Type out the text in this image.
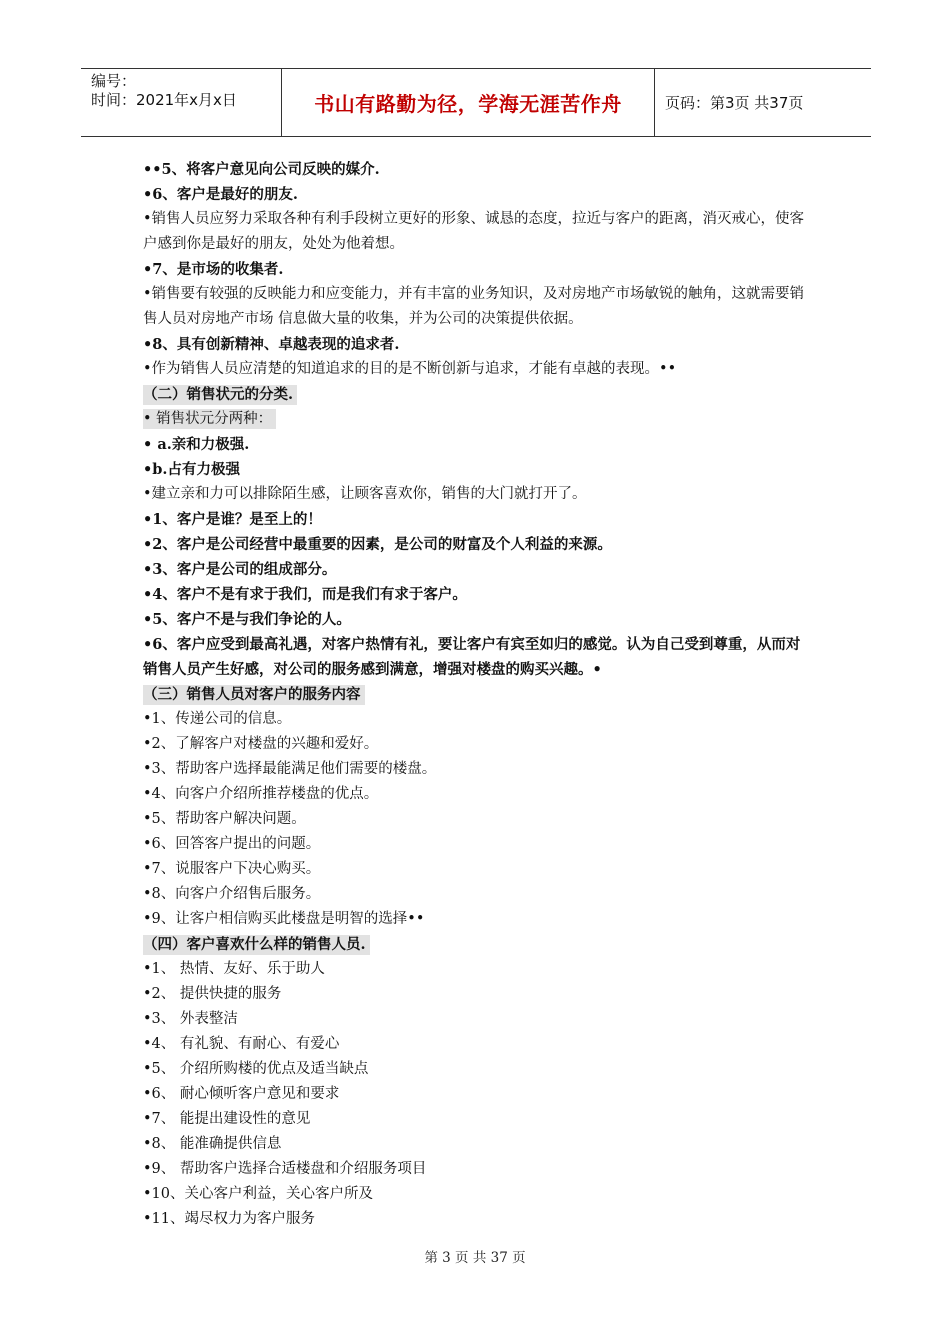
编号：
时间：2021年x月x日	书山有路勤为径，学海无涯苦作舟	页码：第3页 共37页
••5、将客户意见向公司反映的媒介.
•6、客户是最好的朋友.
•销售人员应努力采取各种有利手段树立更好的形象、诚恳的态度，拉近与客户的距离，消灭戒心，使客户感到你是最好的朋友，处处为他着想。
•7、是市场的收集者.
•销售要有较强的反映能力和应变能力，并有丰富的业务知识，及对房地产市场敏锐的触角，这就需要销售人员对房地产市场 信息做大量的收集，并为公司的决策提供依据。
•8、具有创新精神、卓越表现的追求者.
•作为销售人员应清楚的知道追求的目的是不断创新与追求，才能有卓越的表现。••
（二）销售状元的分类.
• 销售状元分两种：
• a.亲和力极强.
•b.占有力极强
•建立亲和力可以排除陌生感，让顾客喜欢你，销售的大门就打开了。
•1、客户是谁？是至上的！
•2、客户是公司经营中最重要的因素，是公司的财富及个人利益的来源。
•3、客户是公司的组成部分。
•4、客户不是有求于我们，而是我们有求于客户。
•5、客户不是与我们争论的人。
•6、客户应受到最高礼遇，对客户热情有礼，要让客户有宾至如归的感觉。认为自己受到尊重，从而对销售人员产生好感，对公司的服务感到满意，增强对楼盘的购买兴趣。•
（三）销售人员对客户的服务内容
•1、传递公司的信息。
•2、了解客户对楼盘的兴趣和爱好。
•3、帮助客户选择最能满足他们需要的楼盘。
•4、向客户介绍所推荐楼盘的优点。
•5、帮助客户解决问题。
•6、回答客户提出的问题。
•7、说服客户下决心购买。
•8、向客户介绍售后服务。
•9、让客户相信购买此楼盘是明智的选择••
（四）客户喜欢什么样的销售人员.
•1、 热情、友好、乐于助人
•2、 提供快捷的服务
•3、 外表整洁
•4、 有礼貌、有耐心、有爱心
•5、 介绍所购楼的优点及适当缺点
•6、 耐心倾听客户意见和要求
•7、 能提出建设性的意见
•8、 能准确提供信息
•9、 帮助客户选择合适楼盘和介绍服务项目
•10、关心客户利益，关心客户所及
•11、竭尽权力为客户服务
第 3 页 共 37 页
